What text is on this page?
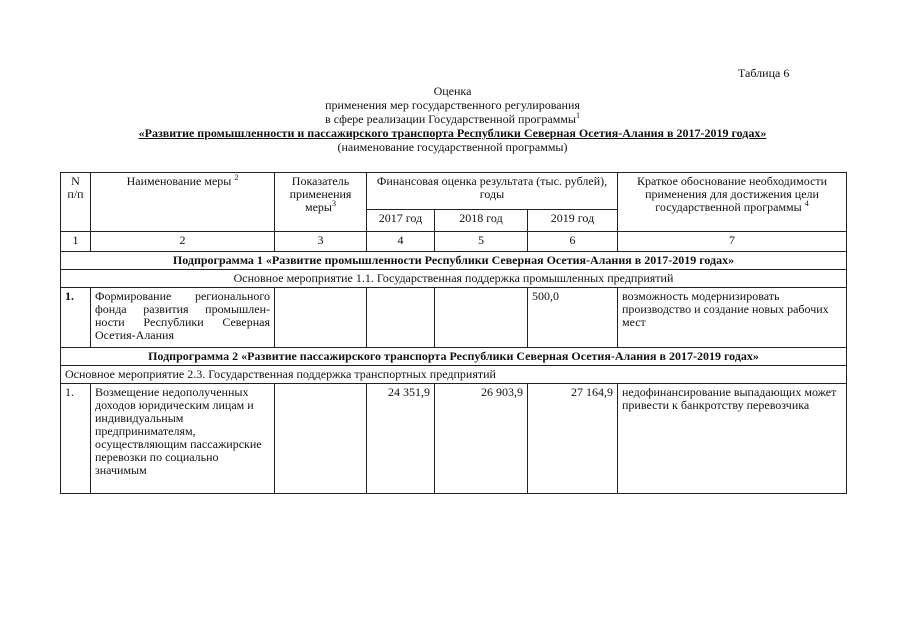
Таблица 6
Оценка
применения мер государственного регулирования
в сфере реализации Государственной программы$^1$
«Развитие промышленности и пассажирского транспорта Республики Северная Осетия-Алания в 2017-2019 годах»
(наименование государственной программы)
N п/п	Наименование меры $^2$	Показатель применения меры$^3$	Финансовая оценка результата (тыс. рублей), годы			Краткое обоснование необходимости применения для достижения цели государственной программы $^4$
			2017 год	2018 год	2019 год	
1	2	3	4	5	6	7
Подпрограмма 1 «Развитие промышленности Республики Северная Осетия-Алания в 2017-2019 годах»						
Основное мероприятие 1.1. Государственная поддержка промышленных предприятий						
1.	Формирование регионального фонда развития промышлен-ности Республики Северная Осетия-Алания				500,0	возможность модернизировать производство и создание новых рабочих мест
Подпрограмма 2 «Развитие пассажирского транспорта Республики Северная Осетия-Алания в 2017-2019 годах»						
Основное мероприятие 2.3. Государственная поддержка транспортных предприятий						
1.	Возмещение недополученных доходов юридическим лицам и индивидуальным предпринимателям, осуществляющим пассажирские перевозки по социально значимым		24 351,9	26 903,9	27 164,9	недофинансирование выпадающих может привести к банкротству перевозчика
